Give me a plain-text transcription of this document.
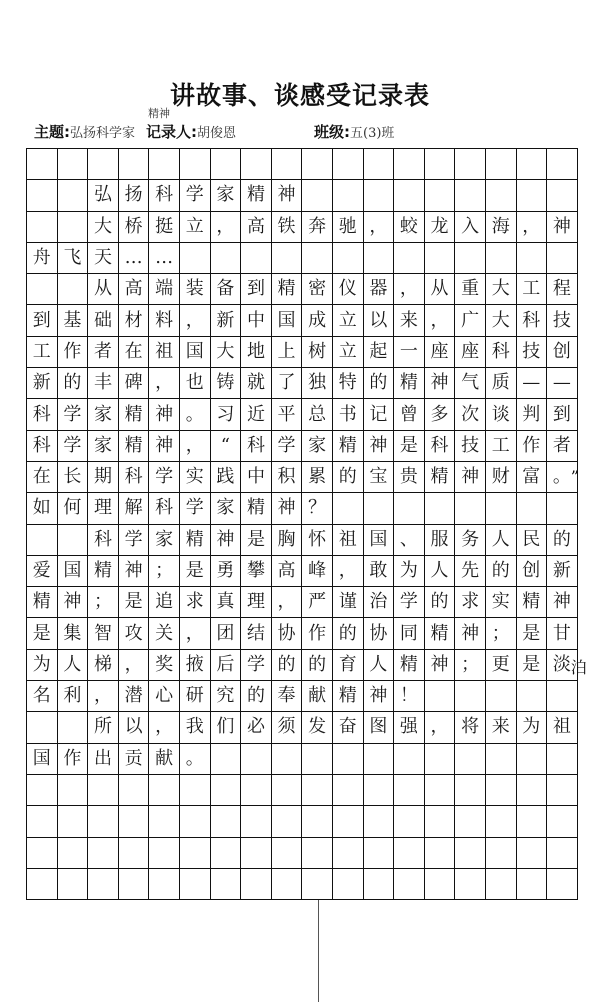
讲故事、谈感受记录表
主题:弘扬科学家
精神
记录人:胡俊恩	班级:五(3)班
弘 扬 科 学 家 精 神
大 桥 挺 立 ， 高 铁 奔 驰 ， 蛟 龙 入 海 ， 神
舟 飞 天 … …
从 高 端 装 备 到 精 密 仪 器 ， 从 重 大 工 程
到 基 础 材 料 ， 新 中 国 成 立 以 来 ， 广 大 科 技
工 作 者 在 祖 国 大 地 上 树 立 起 一 座 座 科 技 创
新 的 丰 碑 ， 也 铸 就 了 独 特 的 精 神 气 质 — —
科 学 家 精 神 。 习 近 平 总 书 记 曾 多 次 谈 判 到
科 学 家 精 神 ， “ 科 学 家 精 神 是 科 技 工 作 者
在 长 期 科 学 实 践 中 积 累 的 宝 贵 精 神 财 富 。
如 何 理 解 科 学 家 精 神 ？
科 学 家 精 神 是 胸 怀 祖 国 、 服 务 人 民 的
爱 国 精 神 ； 是 勇 攀 高 峰 ， 敢 为 人 先 的 创 新
精 神 ； 是 追 求 真 理 ， 严 谨 治 学 的 求 实 精 神
是 集 智 攻 关 ， 团 结 协 作 的 协 同 精 神 ； 是 甘
为 人 梯 ， 奖 掖 后 学 的 的 育 人 精 神 ； 更 是 淡
名 利 ， 潜 心 研 究 的 奉 献 精 神 ！
所 以 ， 我 们 必 须 发 奋 图 强 ， 将 来 为 祖
国 作 出 贡 献 。
”
泊
